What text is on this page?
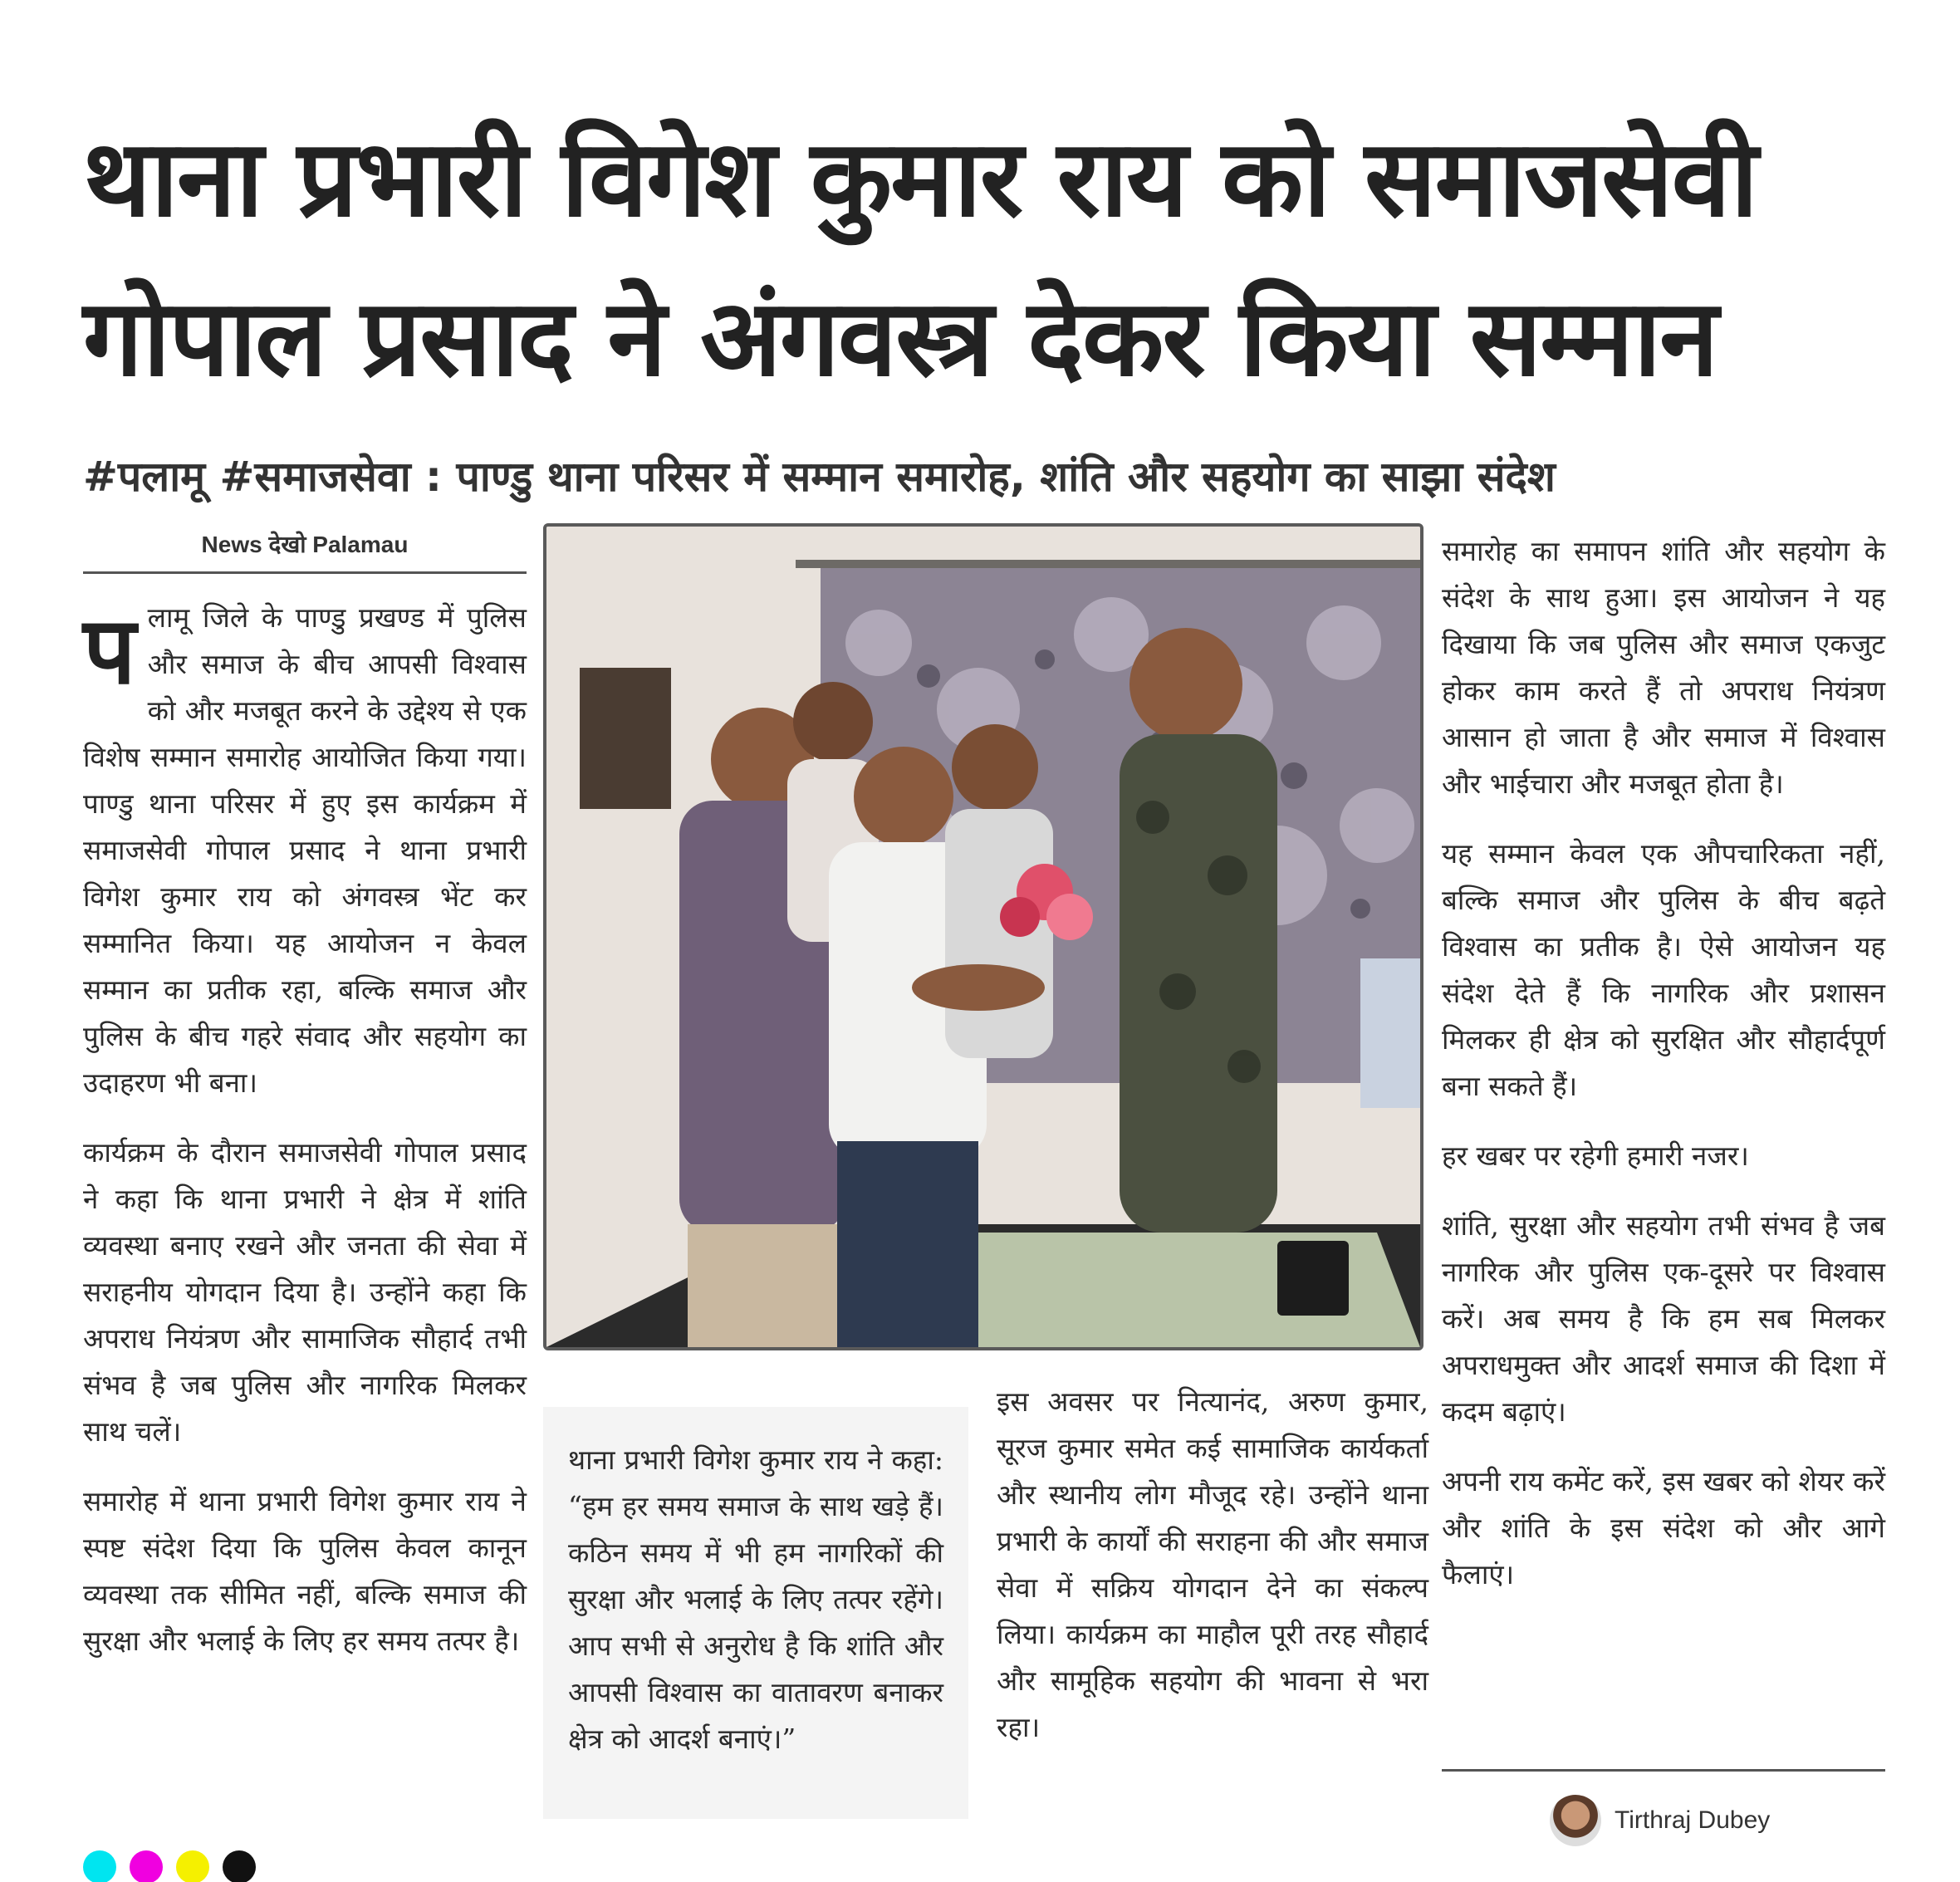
थाना प्रभारी विगेश कुमार राय को समाजसेवी गोपाल प्रसाद ने अंगवस्त्र देकर किया सम्मान
#पलामू #समाजसेवा : पाण्डु थाना परिसर में सम्मान समारोह, शांति और सहयोग का साझा संदेश
News देखो Palamau

पलामू जिले के पाण्डु प्रखण्ड में पुलिस और समाज के बीच आपसी विश्वास को और मजबूत करने के उद्देश्य से एक विशेष सम्मान समारोह आयोजित किया गया। पाण्डु थाना परिसर में हुए इस कार्यक्रम में समाजसेवी गोपाल प्रसाद ने थाना प्रभारी विगेश कुमार राय को अंगवस्त्र भेंट कर सम्मानित किया। यह आयोजन न केवल सम्मान का प्रतीक रहा, बल्कि समाज और पुलिस के बीच गहरे संवाद और सहयोग का उदाहरण भी बना।

कार्यक्रम के दौरान समाजसेवी गोपाल प्रसाद ने कहा कि थाना प्रभारी ने क्षेत्र में शांति व्यवस्था बनाए रखने और जनता की सेवा में सराहनीय योगदान दिया है। उन्होंने कहा कि अपराध नियंत्रण और सामाजिक सौहार्द तभी संभव है जब पुलिस और नागरिक मिलकर साथ चलें।

समारोह में थाना प्रभारी विगेश कुमार राय ने स्पष्ट संदेश दिया कि पुलिस केवल कानून व्यवस्था तक सीमित नहीं, बल्कि समाज की सुरक्षा और भलाई के लिए हर समय तत्पर है।

थाना प्रभारी विगेश कुमार राय ने कहा: “हम हर समय समाज के साथ खड़े हैं। कठिन समय में भी हम नागरिकों की सुरक्षा और भलाई के लिए तत्पर रहेंगे। आप सभी से अनुरोध है कि शांति और आपसी विश्वास का वातावरण बनाकर क्षेत्र को आदर्श बनाएं।”

इस अवसर पर नित्यानंद, अरुण कुमार, सूरज कुमार समेत कई सामाजिक कार्यकर्ता और स्थानीय लोग मौजूद रहे। उन्होंने थाना प्रभारी के कार्यों की सराहना की और समाज सेवा में सक्रिय योगदान देने का संकल्प लिया। कार्यक्रम का माहौल पूरी तरह सौहार्द और सामूहिक सहयोग की भावना से भरा रहा।

समारोह का समापन शांति और सहयोग के संदेश के साथ हुआ। इस आयोजन ने यह दिखाया कि जब पुलिस और समाज एकजुट होकर काम करते हैं तो अपराध नियंत्रण आसान हो जाता है और समाज में विश्वास और भाईचारा और मजबूत होता है।

यह सम्मान केवल एक औपचारिकता नहीं, बल्कि समाज और पुलिस के बीच बढ़ते विश्वास का प्रतीक है। ऐसे आयोजन यह संदेश देते हैं कि नागरिक और प्रशासन मिलकर ही क्षेत्र को सुरक्षित और सौहार्दपूर्ण बना सकते हैं।

हर खबर पर रहेगी हमारी नजर।

शांति, सुरक्षा और सहयोग तभी संभव है जब नागरिक और पुलिस एक-दूसरे पर विश्वास करें। अब समय है कि हम सब मिलकर अपराधमुक्त और आदर्श समाज की दिशा में कदम बढ़ाएं।

अपनी राय कमेंट करें, इस खबर को शेयर करें और शांति के इस संदेश को और आगे फैलाएं।

Tirthraj Dubey
